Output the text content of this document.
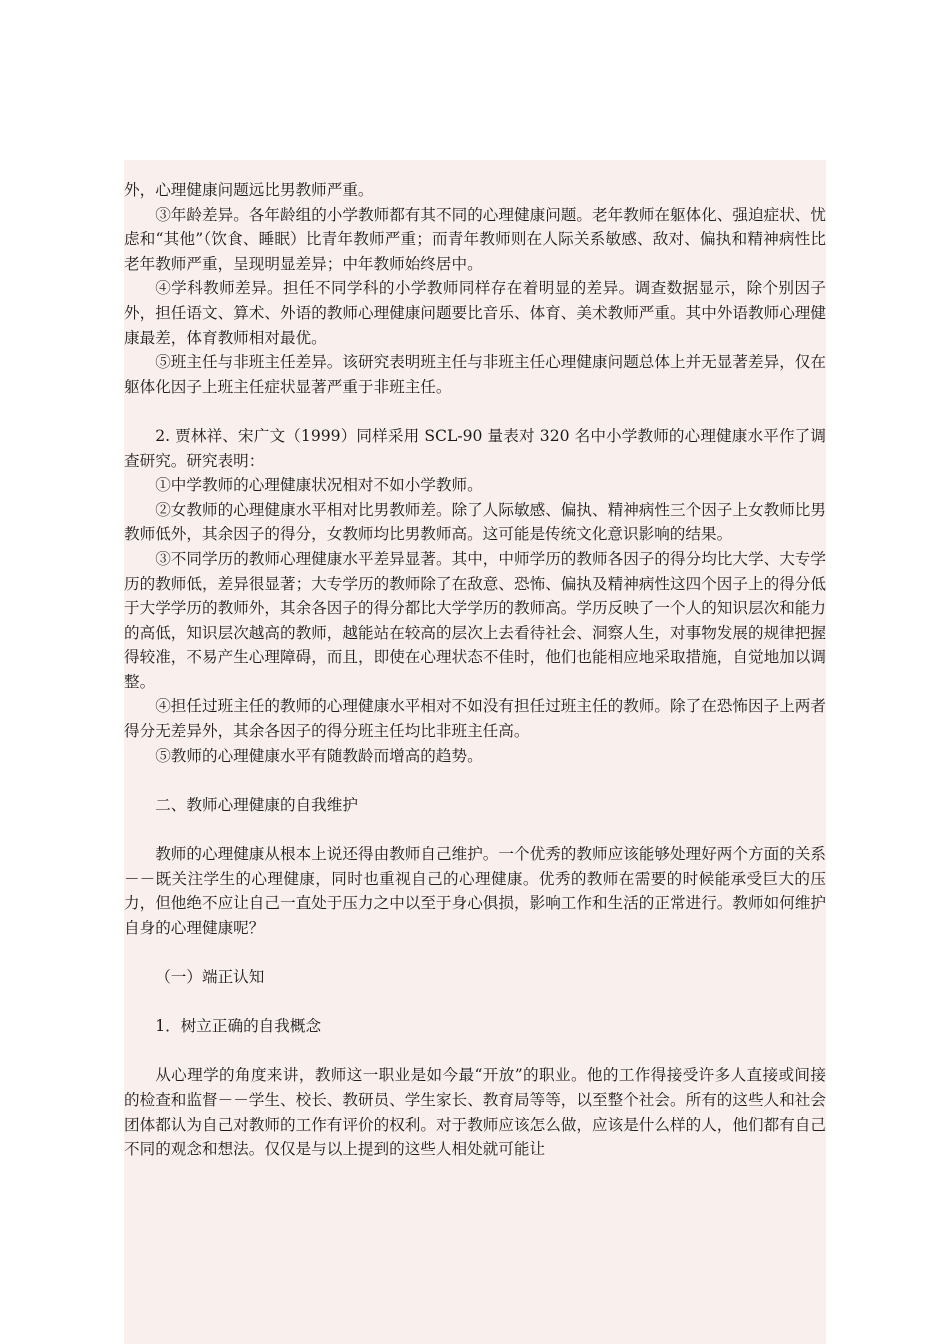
外，心理健康问题远比男教师严重。

③年龄差异。各年龄组的小学教师都有其不同的心理健康问题。老年教师在躯体化、强迫症状、忧虑和“其他”（饮食、睡眠）比青年教师严重；而青年教师则在人际关系敏感、敌对、偏执和精神病性比老年教师严重，呈现明显差异；中年教师始终居中。

④学科教师差异。担任不同学科的小学教师同样存在着明显的差异。调查数据显示，除个别因子外，担任语文、算术、外语的教师心理健康问题要比音乐、体育、美术教师严重。其中外语教师心理健康最差，体育教师相对最优。

⑤班主任与非班主任差异。该研究表明班主任与非班主任心理健康问题总体上并无显著差异，仅在躯体化因子上班主任症状显著严重于非班主任。

2. 贾林祥、宋广文（1999）同样采用 SCL-90 量表对 320 名中小学教师的心理健康水平作了调查研究。研究表明：

①中学教师的心理健康状况相对不如小学教师。

②女教师的心理健康水平相对比男教师差。除了人际敏感、偏执、精神病性三个因子上女教师比男教师低外，其余因子的得分，女教师均比男教师高。这可能是传统文化意识影响的结果。

③不同学历的教师心理健康水平差异显著。其中，中师学历的教师各因子的得分均比大学、大专学历的教师低，差异很显著；大专学历的教师除了在敌意、恐怖、偏执及精神病性这四个因子上的得分低于大学学历的教师外，其余各因子的得分都比大学学历的教师高。学历反映了一个人的知识层次和能力的高低，知识层次越高的教师，越能站在较高的层次上去看待社会、洞察人生，对事物发展的规律把握得较准，不易产生心理障碍，而且，即使在心理状态不佳时，他们也能相应地采取措施，自觉地加以调整。

④担任过班主任的教师的心理健康水平相对不如没有担任过班主任的教师。除了在恐怖因子上两者得分无差异外，其余各因子的得分班主任均比非班主任高。

⑤教师的心理健康水平有随教龄而增高的趋势。

二、教师心理健康的自我维护

教师的心理健康从根本上说还得由教师自己维护。一个优秀的教师应该能够处理好两个方面的关系－－既关注学生的心理健康，同时也重视自己的心理健康。优秀的教师在需要的时候能承受巨大的压力，但他绝不应让自己一直处于压力之中以至于身心俱损，影响工作和生活的正常进行。教师如何维护自身的心理健康呢？

（一）端正认知

1．树立正确的自我概念

从心理学的角度来讲，教师这一职业是如今最“开放”的职业。他的工作得接受许多人直接或间接的检查和监督－－学生、校长、教研员、学生家长、教育局等等，以至整个社会。所有的这些人和社会团体都认为自己对教师的工作有评价的权利。对于教师应该怎么做，应该是什么样的人，他们都有自己不同的观念和想法。仅仅是与以上提到的这些人相处就可能让
